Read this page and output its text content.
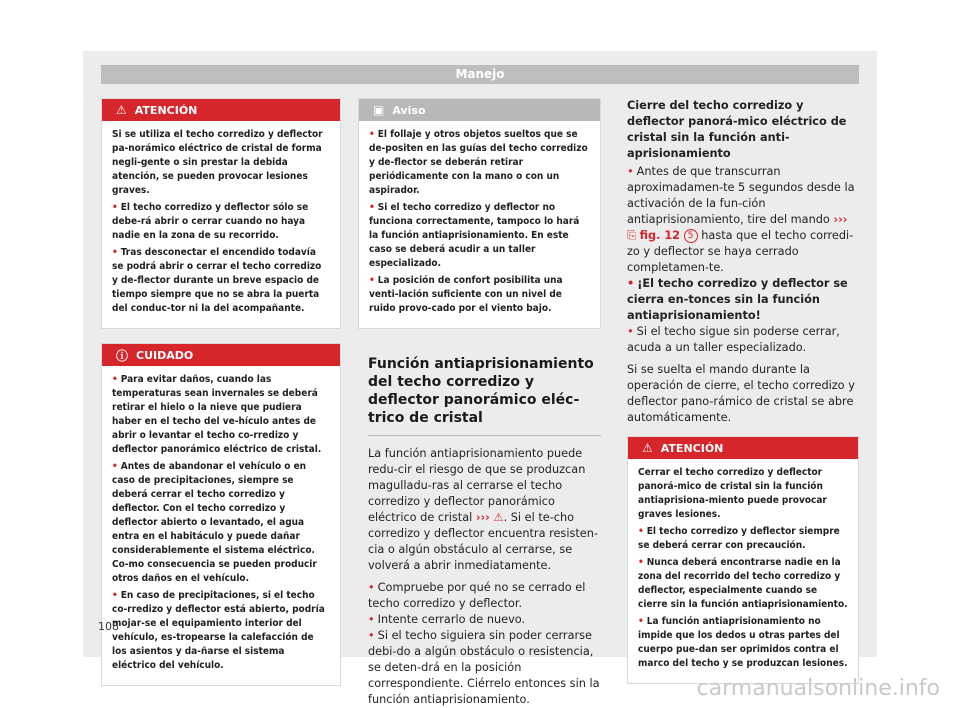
Manejo
⚠ ATENCIÓN

Si se utiliza el techo corredizo y deflector pa-norámico eléctrico de cristal de forma negli-gente o sin prestar la debida atención, se pueden provocar lesiones graves.

• El techo corredizo y deflector sólo se debe-rá abrir o cerrar cuando no haya nadie en la zona de su recorrido.

• Tras desconectar el encendido todavía se podrá abrir o cerrar el techo corredizo y de-flector durante un breve espacio de tiempo siempre que no se abra la puerta del conduc-tor ni la del acompañante.

ⓘ CUIDADO

• Para evitar daños, cuando las temperaturas sean invernales se deberá retirar el hielo o la nieve que pudiera haber en el techo del ve-hículo antes de abrir o levantar el techo co-rredizo y deflector panorámico eléctrico de cristal.

• Antes de abandonar el vehículo o en caso de precipitaciones, siempre se deberá cerrar el techo corredizo y deflector. Con el techo corredizo y deflector abierto o levantado, el agua entra en el habitáculo y puede dañar considerablemente el sistema eléctrico. Co-mo consecuencia se pueden producir otros daños en el vehículo.

• En caso de precipitaciones, si el techo co-rredizo y deflector está abierto, podría mojar-se el equipamiento interior del vehículo, es-tropearse la calefacción de los asientos y da-ñarse el sistema eléctrico del vehículo.

▣ Aviso

• El follaje y otros objetos sueltos que se de-positen en las guías del techo corredizo y de-flector se deberán retirar periódicamente con la mano o con un aspirador.

• Si el techo corredizo y deflector no funciona correctamente, tampoco lo hará la función antiaprisionamiento. En este caso se deberá acudir a un taller especializado.

• La posición de confort posibilita una venti-lación suficiente con un nivel de ruido provo-cado por el viento bajo.

Función antiaprisionamiento del techo corredizo y deflector panorámico eléc-trico de cristal

La función antiaprisionamiento puede redu-cir el riesgo de que se produzcan magulladu-ras al cerrarse el techo corredizo y deflector panorámico eléctrico de cristal ››› ⚠. Si el te-cho corredizo y deflector encuentra resisten-cia o algún obstáculo al cerrarse, se volverá a abrir inmediatamente.

• Compruebe por qué no se cerrado el techo corredizo y deflector.

• Intente cerrarlo de nuevo.

• Si el techo siguiera sin poder cerrarse debi-do a algún obstáculo o resistencia, se deten-drá en la posición correspondiente. Ciérrelo entonces sin la función antiaprisionamiento.

Cierre del techo corredizo y deflector panorá-mico eléctrico de cristal sin la función anti-aprisionamiento

• Antes de que transcurran aproximadamen-te 5 segundos desde la activación de la fun-ción antiaprisionamiento, tire del mando ››› ⎘ fig. 12 5 hasta que el techo corredi-zo y deflector se haya cerrado completamen-te.

• ¡El techo corredizo y deflector se cierra en-tonces sin la función antiaprisionamiento!

• Si el techo sigue sin poderse cerrar, acuda a un taller especializado.

Si se suelta el mando durante la operación de cierre, el techo corredizo y deflector pano-rámico de cristal se abre automáticamente.

⚠ ATENCIÓN

Cerrar el techo corredizo y deflector panorá-mico de cristal sin la función antiaprisiona-miento puede provocar graves lesiones.

• El techo corredizo y deflector siempre se deberá cerrar con precaución.

• Nunca deberá encontrarse nadie en la zona del recorrido del techo corredizo y deflector, especialmente cuando se cierre sin la función antiaprisionamiento.

• La función antiaprisionamiento no impide que los dedos u otras partes del cuerpo pue-dan ser oprimidos contra el marco del techo y se produzcan lesiones.

108
carmanualsonline.info
